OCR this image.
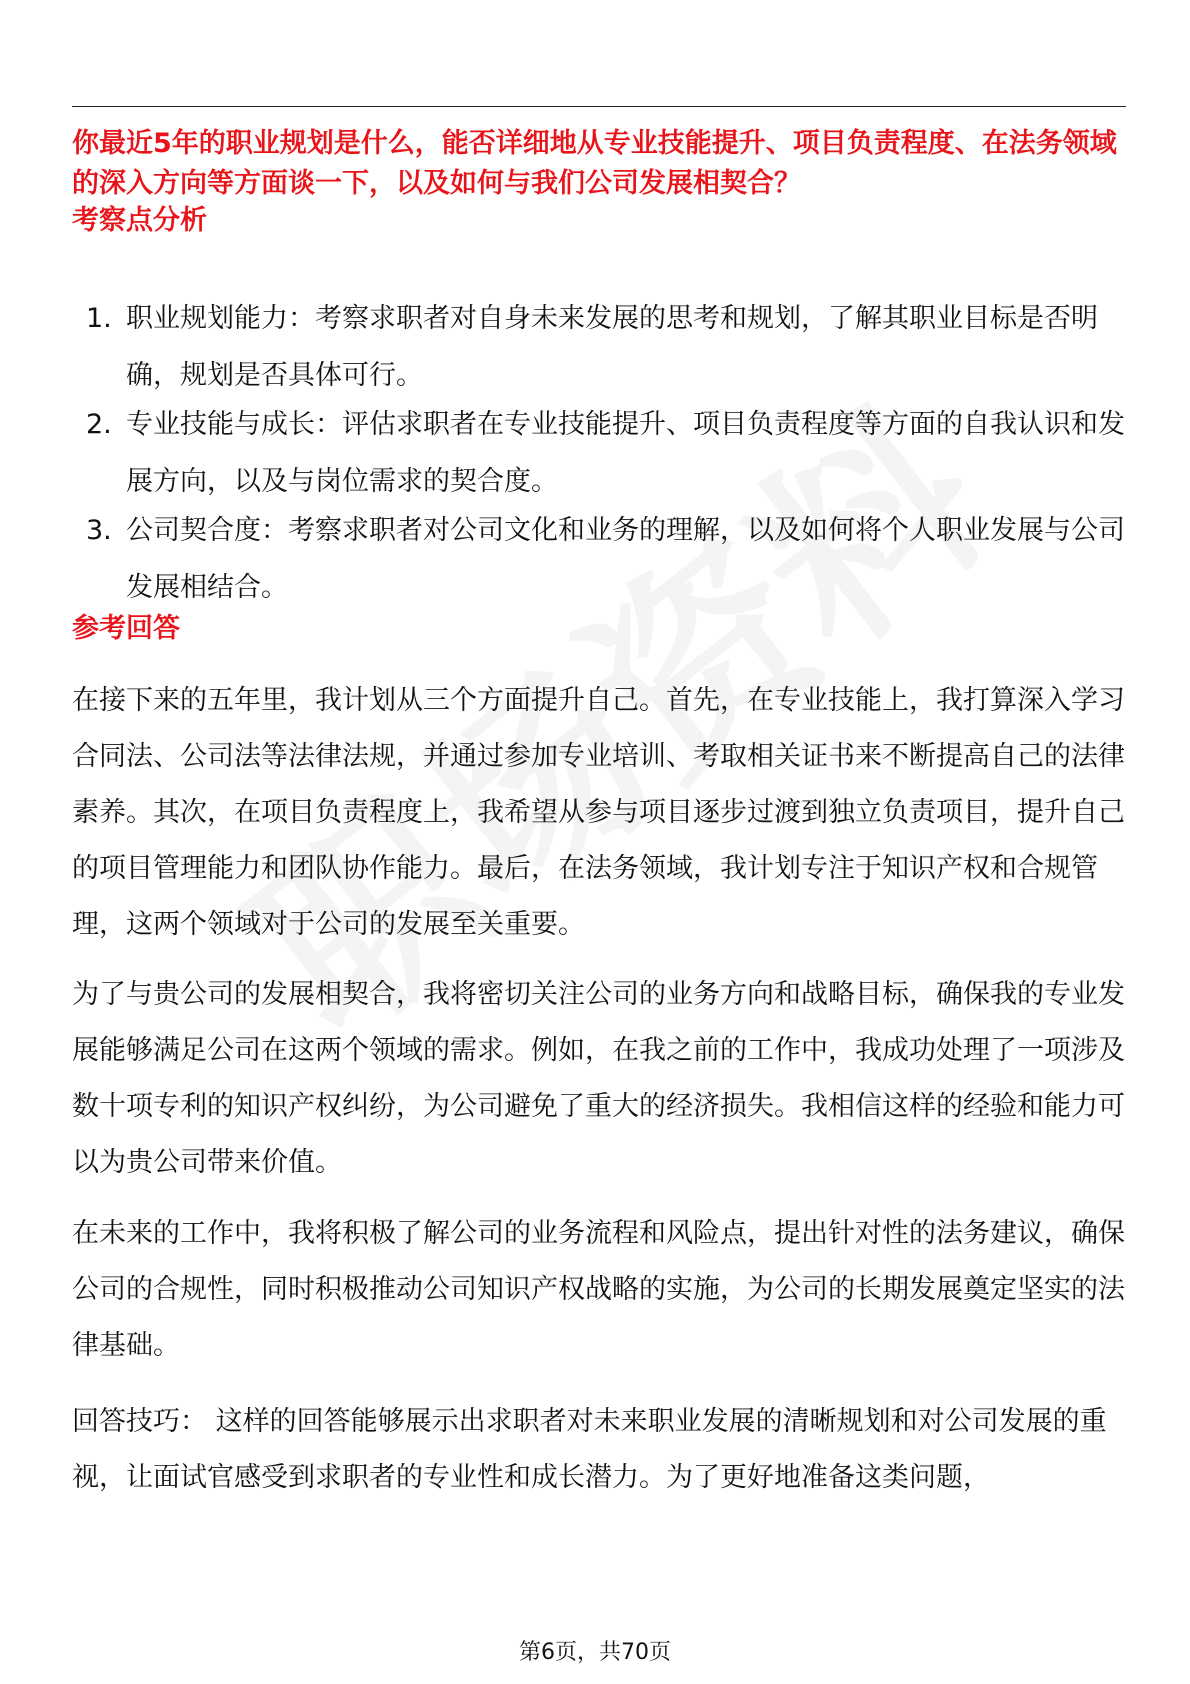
你最近5年的职业规划是什么，能否详细地从专业技能提升、项目负责程度、在法务领域的深入方向等方面谈一下，以及如何与我们公司发展相契合？

考察点分析
1. 职业规划能力：考察求职者对自身未来发展的思考和规划，了解其职业目标是否明确，规划是否具体可行。
2. 专业技能与成长：评估求职者在专业技能提升、项目负责程度等方面的自我认识和发展方向，以及与岗位需求的契合度。
3. 公司契合度：考察求职者对公司文化和业务的理解，以及如何将个人职业发展与公司发展相结合。
参考回答

在接下来的五年里，我计划从三个方面提升自己。首先，在专业技能上，我打算深入学习合同法、公司法等法律法规，并通过参加专业培训、考取相关证书来不断提高自己的法律素养。其次，在项目负责程度上，我希望从参与项目逐步过渡到独立负责项目，提升自己的项目管理能力和团队协作能力。最后，在法务领域，我计划专注于知识产权和合规管理，这两个领域对于公司的发展至关重要。

为了与贵公司的发展相契合，我将密切关注公司的业务方向和战略目标，确保我的专业发展能够满足公司在这两个领域的需求。例如，在我之前的工作中，我成功处理了一项涉及数十项专利的知识产权纠纷，为公司避免了重大的经济损失。我相信这样的经验和能力可以为贵公司带来价值。

在未来的工作中，我将积极了解公司的业务流程和风险点，提出针对性的法务建议，确保公司的合规性，同时积极推动公司知识产权战略的实施，为公司的长期发展奠定坚实的法律基础。

回答技巧： 这样的回答能够展示出求职者对未来职业发展的清晰规划和对公司发展的重视，让面试官感受到求职者的专业性和成长潜力。为了更好地准备这类问题，

第6页，共70页
